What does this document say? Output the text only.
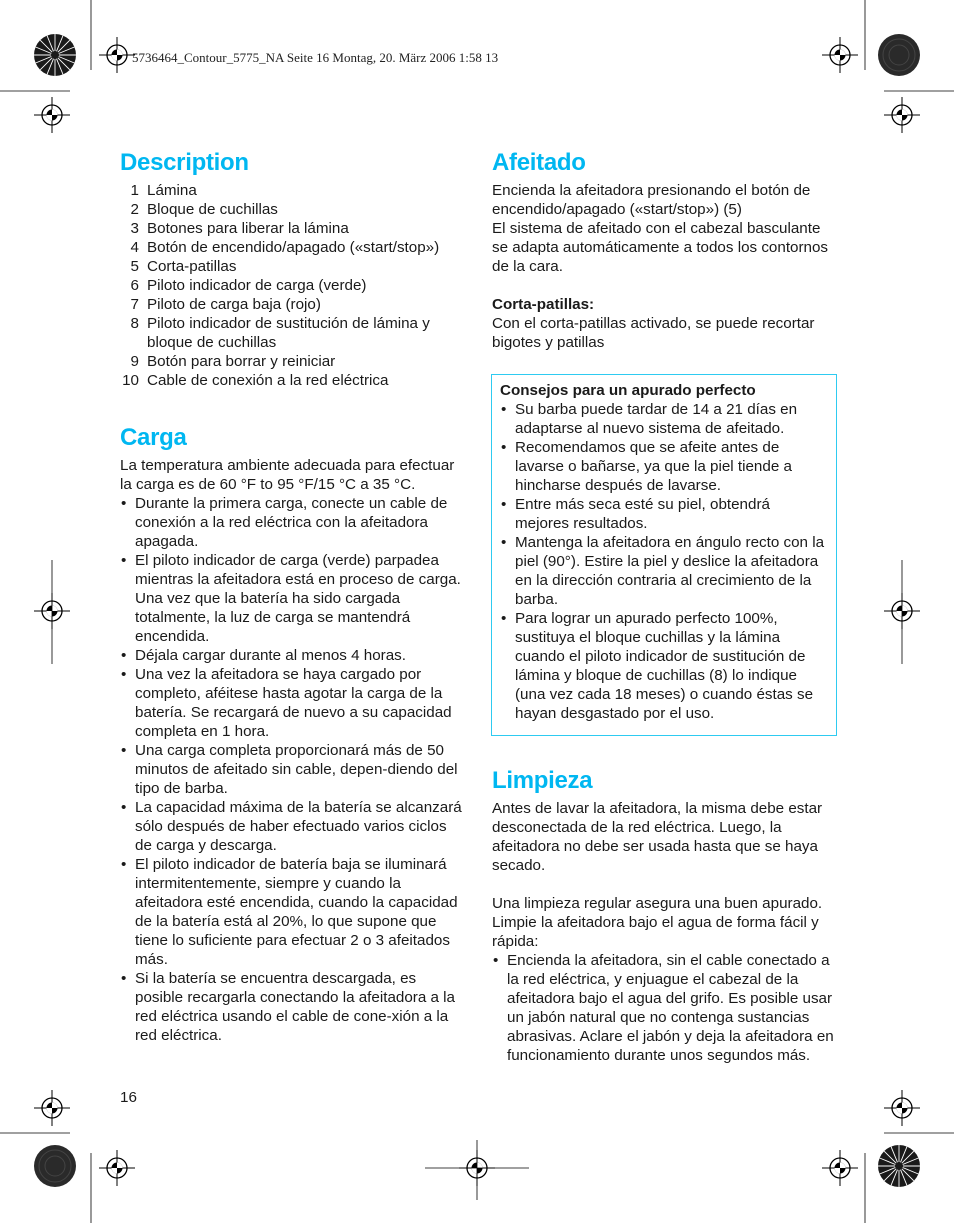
5736464_Contour_5775_NA Seite 16 Montag, 20. März 2006 1:58 13
Description
1 Lámina
2 Bloque de cuchillas
3 Botones para liberar la lámina
4 Botón de encendido/apagado («start/stop»)
5 Corta-patillas
6 Piloto indicador de carga (verde)
7 Piloto de carga baja (rojo)
8 Piloto indicador de sustitución de lámina y bloque de cuchillas
9 Botón para borrar y reiniciar
10 Cable de conexión a la red eléctrica
Carga

La temperatura ambiente adecuada para efectuar la carga es de 60 °F to 95 °F/15 °C a 35 °C.

• Durante la primera carga, conecte un cable de conexión a la red eléctrica con la afeitadora apagada.
• El piloto indicador de carga (verde) parpadea mientras la afeitadora está en proceso de carga. Una vez que la batería ha sido cargada totalmente, la luz de carga se mantendrá encendida.
• Déjala cargar durante al menos 4 horas.
• Una vez la afeitadora se haya cargado por completo, aféitese hasta agotar la carga de la batería. Se recargará de nuevo a su capacidad completa en 1 hora.
• Una carga completa proporcionará más de 50 minutos de afeitado sin cable, depen-diendo del tipo de barba.
• La capacidad máxima de la batería se alcanzará sólo después de haber efectuado varios ciclos de carga y descarga.
• El piloto indicador de batería baja se iluminará intermitentemente, siempre y cuando la afeitadora esté encendida, cuando la capacidad de la batería está al 20%, lo que supone que tiene lo suficiente para efectuar 2 o 3 afeitados más.
• Si la batería se encuentra descargada, es posible recargarla conectando la afeitadora a la red eléctrica usando el cable de cone-xión a la red eléctrica.
Afeitado

Encienda la afeitadora presionando el botón de encendido/apagado («start/stop») (5)

El sistema de afeitado con el cabezal basculante se adapta automáticamente a todos los contornos de la cara.

Corta-patillas:

Con el corta-patillas activado, se puede recortar bigotes y patillas

Consejos para un apurado perfecto

• Su barba puede tardar de 14 a 21 días en adaptarse al nuevo sistema de afeitado.
• Recomendamos que se afeite antes de lavarse o bañarse, ya que la piel tiende a hincharse después de lavarse.
• Entre más seca esté su piel, obtendrá mejores resultados.
• Mantenga la afeitadora en ángulo recto con la piel (90°). Estire la piel y deslice la afeitadora en la dirección contraria al crecimiento de la barba.
• Para lograr un apurado perfecto 100%, sustituya el bloque cuchillas y la lámina cuando el piloto indicador de sustitución de lámina y bloque de cuchillas (8) lo indique (una vez cada 18 meses) o cuando éstas se hayan desgastado por el uso.
Limpieza

Antes de lavar la afeitadora, la misma debe estar desconectada de la red eléctrica. Luego, la afeitadora no debe ser usada hasta que se haya secado.

Una limpieza regular asegura una buen apurado. Limpie la afeitadora bajo el agua de forma fácil y rápida:

• Encienda la afeitadora, sin el cable conectado a la red eléctrica, y enjuague el cabezal de la afeitadora bajo el agua del grifo. Es posible usar un jabón natural que no contenga sustancias abrasivas. Aclare el jabón y deja la afeitadora en funcionamiento durante unos segundos más.
16
